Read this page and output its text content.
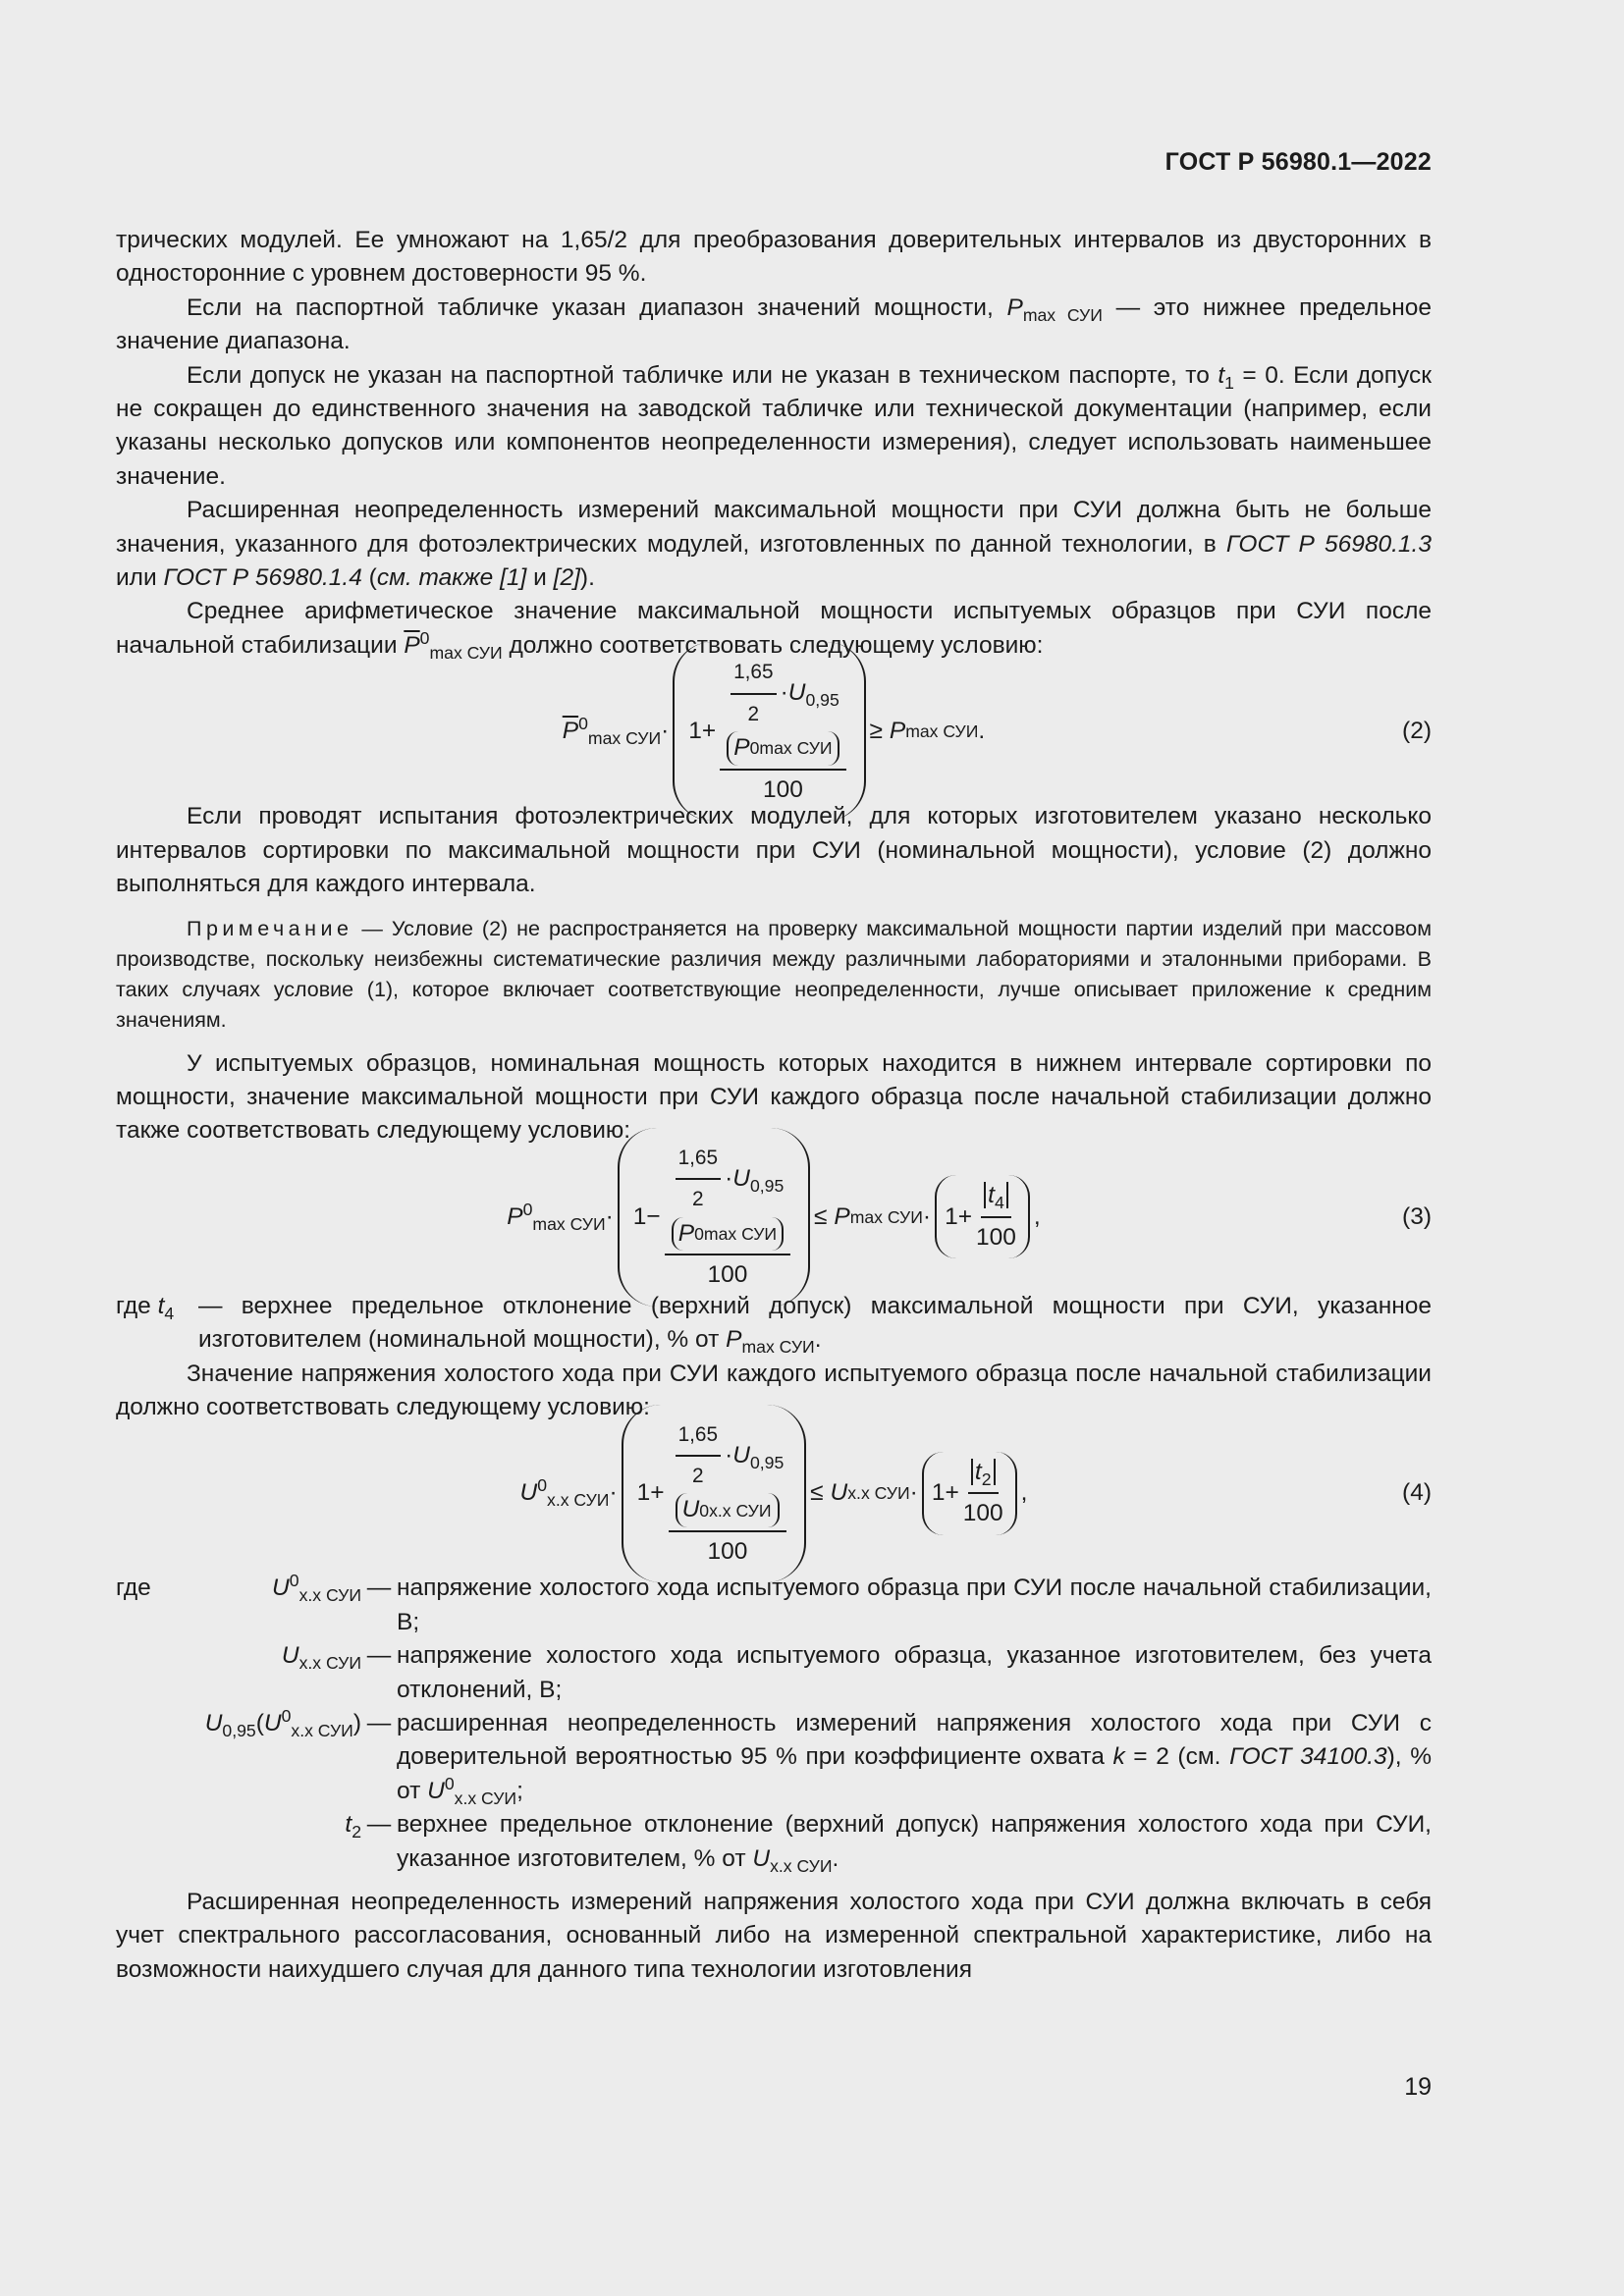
ГОСТ Р 56980.1—2022

трических модулей. Ее умножают на 1,65/2 для преобразования доверительных интервалов из двусторонних в односторонние с уровнем достоверности 95 %.

Если на паспортной табличке указан диапазон значений мощности, $P_{max СУИ}$ — это нижнее предельное значение диапазона.

Если допуск не указан на паспортной табличке или не указан в техническом паспорте, то $t_1 = 0$. Если допуск не сокращен до единственного значения на заводской табличке или технической документации (например, если указаны несколько допусков или компонентов неопределенности измерения), следует использовать наименьшее значение.

Расширенная неопределенность измерений максимальной мощности при СУИ должна быть не больше значения, указанного для фотоэлектрических модулей, изготовленных по данной технологии, в ГОСТ Р 56980.1.3 или ГОСТ Р 56980.1.4 (см. также [1] и [2]).

Среднее арифметическое значение максимальной мощности испытуемых образцов при СУИ после начальной стабилизации $\overline{P}^0_{max СУИ}$ должно соответствовать следующему условию:

$\overline{P}^0_{max СУИ}\cdot 1+ \frac{1,65}{2} \cdot U_{0,95}$
P 0 max СУИ
100 ≥
P max СУИ .	(2)

Если проводят испытания фотоэлектрических модулей, для которых изготовителем указано несколько интервалов сортировки по максимальной мощности при СУИ (номинальной мощности), условие (2) должно выполняться для каждого интервала.

Примечание — Условие (2) не распространяется на проверку максимальной мощности партии изделий при массовом производстве, поскольку неизбежны систематические различия между различными лабораториями и эталонными приборами. В таких случаях условие (1), которое включает соответствующие неопределенности, лучше описывает приложение к средним значениям.

У испытуемых образцов, номинальная мощность которых находится в нижнем интервале сортировки по мощности, значение максимальной мощности при СУИ каждого образца после начальной стабилизации должно также соответствовать следующему условию:

$P^0_{max СУИ}\cdot 1- \frac{1,65}{2} \cdot U_{0,95}$
P 0 max СУИ
100 ≤
P max СУИ · $1+ \frac{t_4}{100}$ ,	(3)
где $t_4$	— верхнее предельное отклонение (верхний допуск) максимальной мощности при СУИ, указанное изготовителем (номинальной мощности), % от $P_{max СУИ}$.

Значение напряжения холостого хода при СУИ каждого испытуемого образца после начальной стабилизации должно соответствовать следующему условию:

$U^0_{х.х СУИ}\cdot 1+ \frac{1,65}{2} \cdot U_{0,95}$
U 0 х.х СУИ
100 ≤
U х.х СУИ · $1+ \frac{t_2}{100}$ ,	(4)
где	$U^0_{х.х СУИ}$ — напряжение холостого хода испытуемого образца при СУИ после начальной стабилизации, В;
$U_{х.х СУИ}$ — напряжение холостого хода испытуемого образца, указанное изготовителем, без учета отклонений, В;
$U_{0,95}(U^0_{х.х СУИ})$ — расширенная неопределенность измерений напряжения холостого хода при СУИ с доверительной вероятностью 95 % при коэффициенте охвата k = 2 (см. ГОСТ 34100.3), % от $U^0_{х.х СУИ}$;
$t_2$ — верхнее предельное отклонение (верхний допуск) напряжения холостого хода при СУИ, указанное изготовителем, % от $U_{х.х СУИ}$.

Расширенная неопределенность измерений напряжения холостого хода при СУИ должна включать в себя учет спектрального рассогласования, основанный либо на измеренной спектральной характеристике, либо на возможности наихудшего случая для данного типа технологии изготовления

19
